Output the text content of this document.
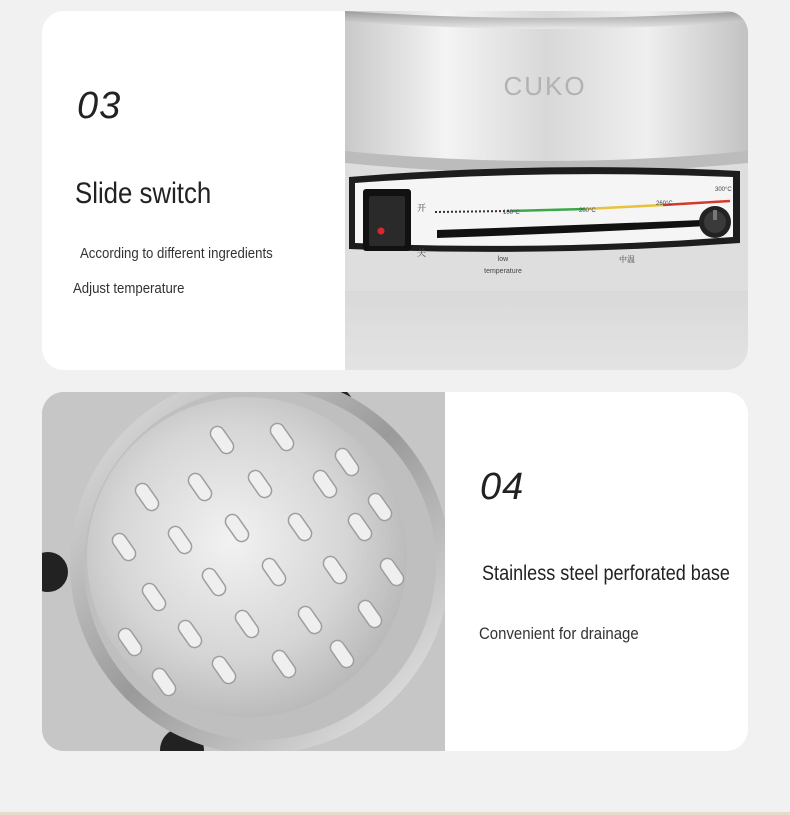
03
Slide switch
According to different ingredients
Adjust temperature
CUKO
开
关
100°C	200°C
260°C
300°C
low
temperature
中温
04
Stainless steel perforated base
Convenient for drainage
